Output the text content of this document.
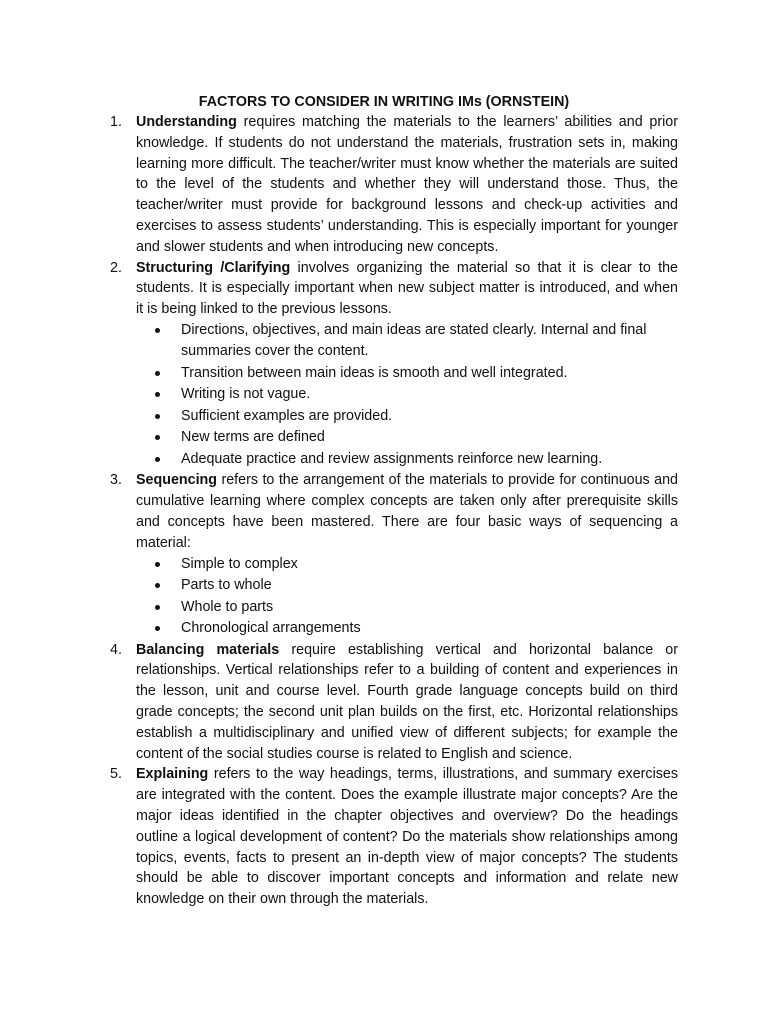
FACTORS TO CONSIDER IN WRITING IMs (ORNSTEIN)
1. Understanding requires matching the materials to the learners’ abilities and prior knowledge. If students do not understand the materials, frustration sets in, making learning more difficult. The teacher/writer must know whether the materials are suited to the level of the students and whether they will understand those. Thus, the teacher/writer must provide for background lessons and check-up activities and exercises to assess students’ understanding. This is especially important for younger and slower students and when introducing new concepts.

2. Structuring /Clarifying involves organizing the material so that it is clear to the students. It is especially important when new subject matter is introduced, and when it is being linked to the previous lessons.

Directions, objectives, and main ideas are stated clearly. Internal and final summaries cover the content.
Transition between main ideas is smooth and well integrated.
Writing is not vague.
Sufficient examples are provided.
New terms are defined
Adequate practice and review assignments reinforce new learning.
3. Sequencing refers to the arrangement of the materials to provide for continuous and cumulative learning where complex concepts are taken only after prerequisite skills and concepts have been mastered. There are four basic ways of sequencing a material:

Simple to complex
Parts to whole
Whole to parts
Chronological arrangements
4. Balancing materials require establishing vertical and horizontal balance or relationships. Vertical relationships refer to a building of content and experiences in the lesson, unit and course level. Fourth grade language concepts build on third grade concepts; the second unit plan builds on the first, etc. Horizontal relationships establish a multidisciplinary and unified view of different subjects; for example the content of the social studies course is related to English and science.

5. Explaining refers to the way headings, terms, illustrations, and summary exercises are integrated with the content. Does the example illustrate major concepts? Are the major ideas identified in the chapter objectives and overview? Do the headings outline a logical development of content? Do the materials show relationships among topics, events, facts to present an in-depth view of major concepts? The students should be able to discover important concepts and information and relate new knowledge on their own through the materials.
